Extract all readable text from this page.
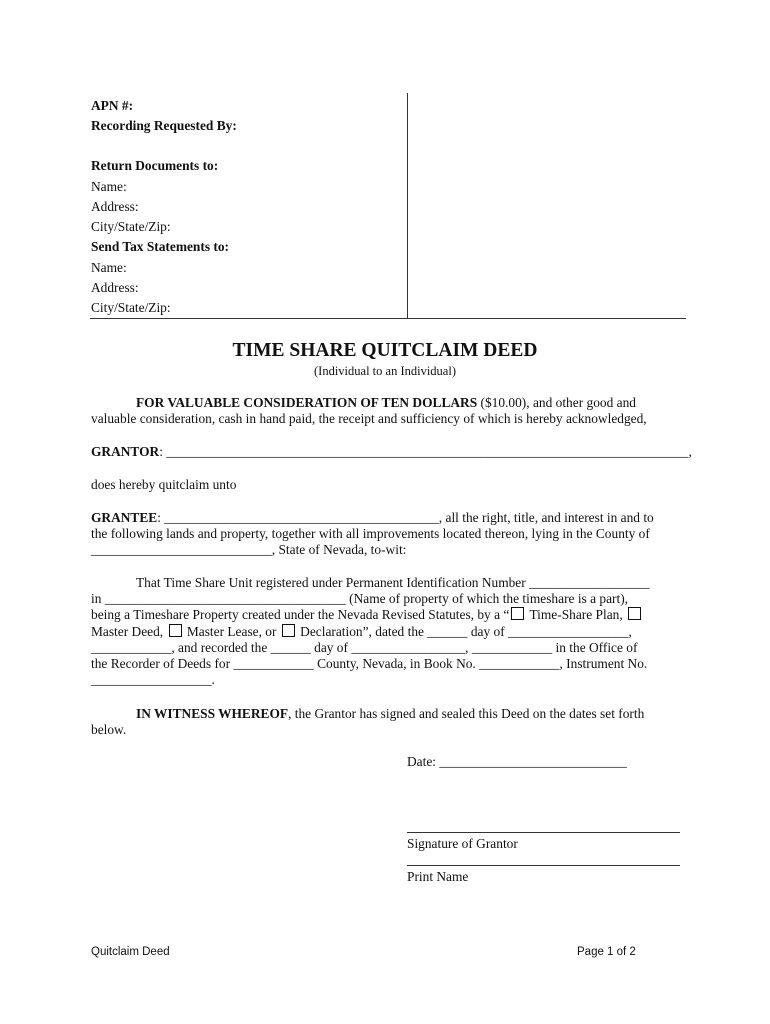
APN #:
Recording Requested By:
Return Documents to:
Name:
Address:
City/State/Zip:
Send Tax Statements to:
Name:
Address:
City/State/Zip:
TIME SHARE QUITCLAIM DEED
(Individual to an Individual)
FOR VALUABLE CONSIDERATION OF TEN DOLLARS ($10.00), and other good and
valuable consideration, cash in hand paid, the receipt and sufficiency of which is hereby acknowledged,
GRANTOR: ______________________________________________________________________________,
does hereby quitclaim unto
GRANTEE: _________________________________________, all the right, title, and interest in and to
the following lands and property, together with all improvements located thereon, lying in the County of
___________________________, State of Nevada, to-wit:
That Time Share Unit registered under Permanent Identification Number __________________
in ____________________________________ (Name of property of which the timeshare is a part),
being a Timeshare Property created under the Nevada Revised Statutes, by a “ Time-Share Plan,
Master Deed,  Master Lease, or  Declaration”, dated the ______ day of __________________,
____________, and recorded the ______ day of _________________, ____________ in the Office of
the Recorder of Deeds for ____________ County, Nevada, in Book No. ____________, Instrument No.
__________________.
IN WITNESS WHEREOF, the Grantor has signed and sealed this Deed on the dates set forth
below.
Date: ____________________________
Signature of Grantor
Print Name
Quitclaim Deed	Page 1 of 2
